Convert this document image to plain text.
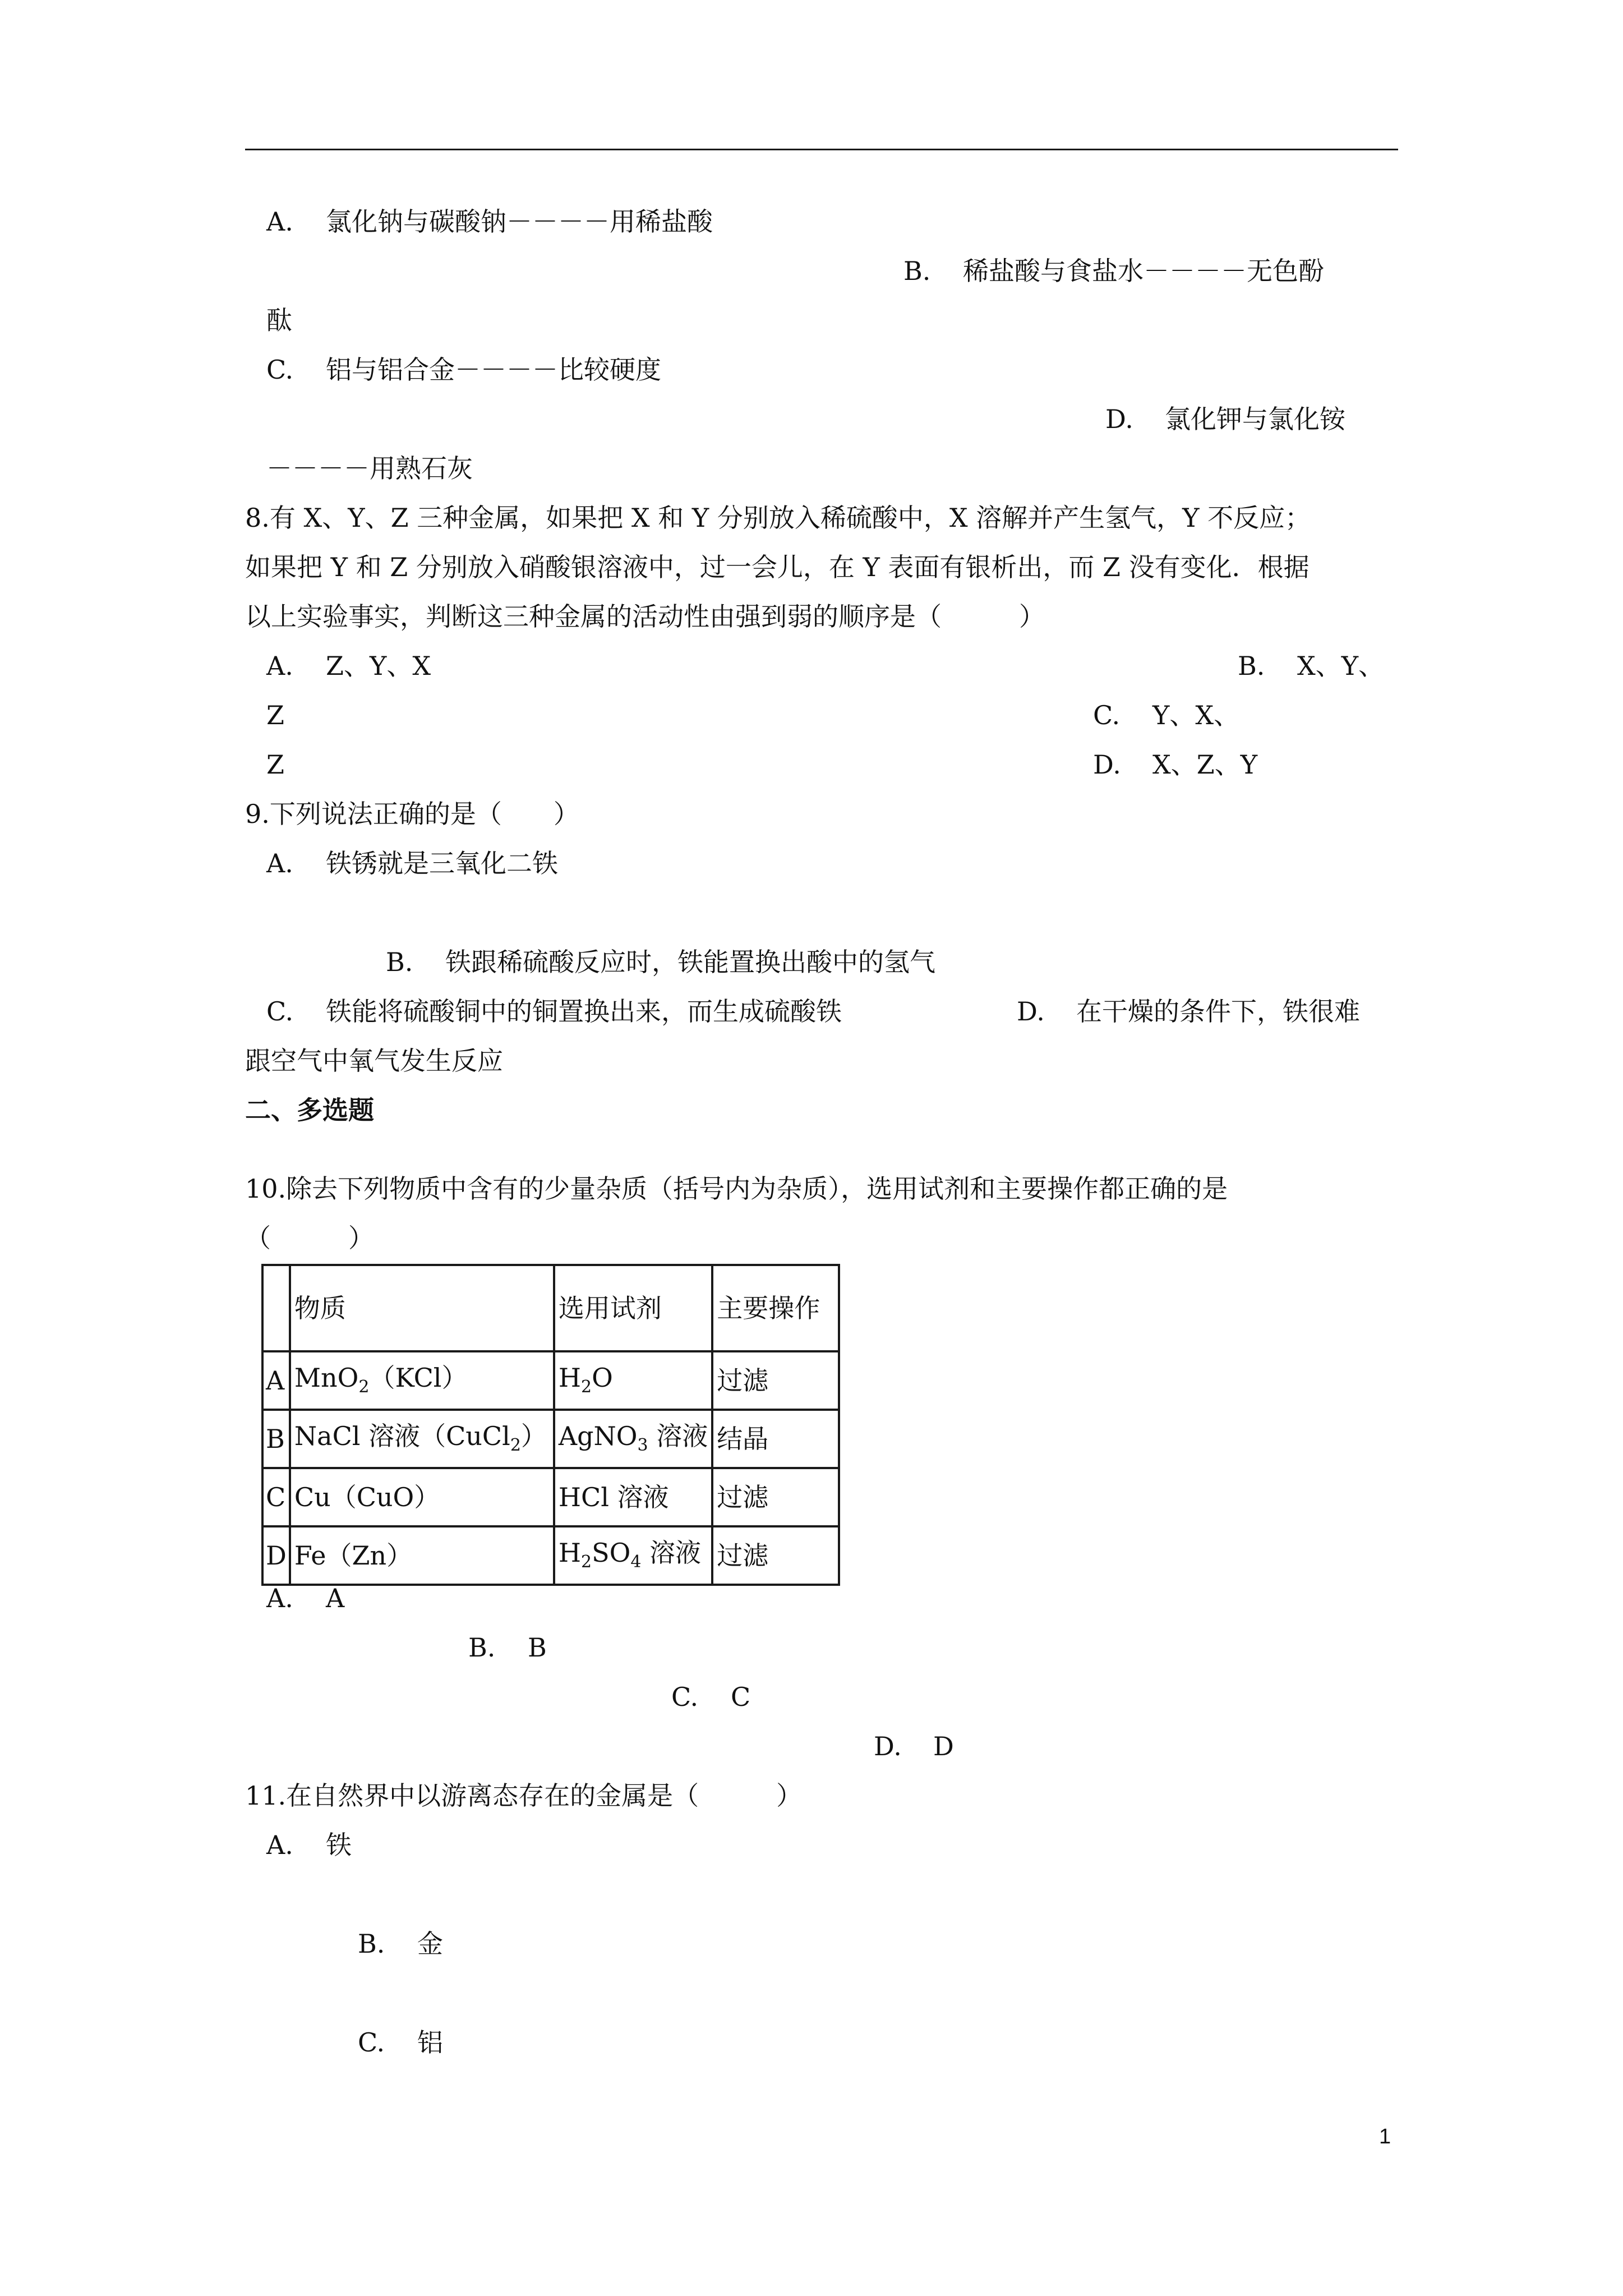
A. 氯化钠与碳酸钠－－－－用稀盐酸
B. 稀盐酸与食盐水－－－－无色酚
酞
C. 铝与铝合金－－－－比较硬度
D. 氯化钾与氯化铵
－－－－用熟石灰
8.有 X、Y、Z 三种金属，如果把 X 和 Y 分别放入稀硫酸中，X 溶解并产生氢气，Y 不反应；
如果把 Y 和 Z 分别放入硝酸银溶液中，过一会儿，在 Y 表面有银析出，而 Z 没有变化．根据
以上实验事实，判断这三种金属的活动性由强到弱的顺序是（　　　）
A. Z、Y、X	B. X、Y、
Z	C. Y、X、
Z	D. X、Z、Y
9.下列说法正确的是（　　）
A. 铁锈就是三氧化二铁
B. 铁跟稀硫酸反应时，铁能置换出酸中的氢气
C. 铁能将硫酸铜中的铜置换出来，而生成硫酸铁	D. 在干燥的条件下，铁很难
跟空气中氧气发生反应
二、多选题
10.除去下列物质中含有的少量杂质（括号内为杂质），选用试剂和主要操作都正确的是
（　　　）
	物质	选用试剂	主要操作
A	MnO$_2$（KCl）	$H_2O$	过滤
B	NaCl 溶液（CuCl$_2$）	AgNO$_3$ 溶液	结晶
C	Cu（CuO）	HCl 溶液	过滤
D	Fe（Zn）	$H_2SO_4$ 溶液	过滤
A. A
B. B
C. C
D. D
11.在自然界中以游离态存在的金属是（　　　）
A. 铁
B. 金
C. 铝
1
